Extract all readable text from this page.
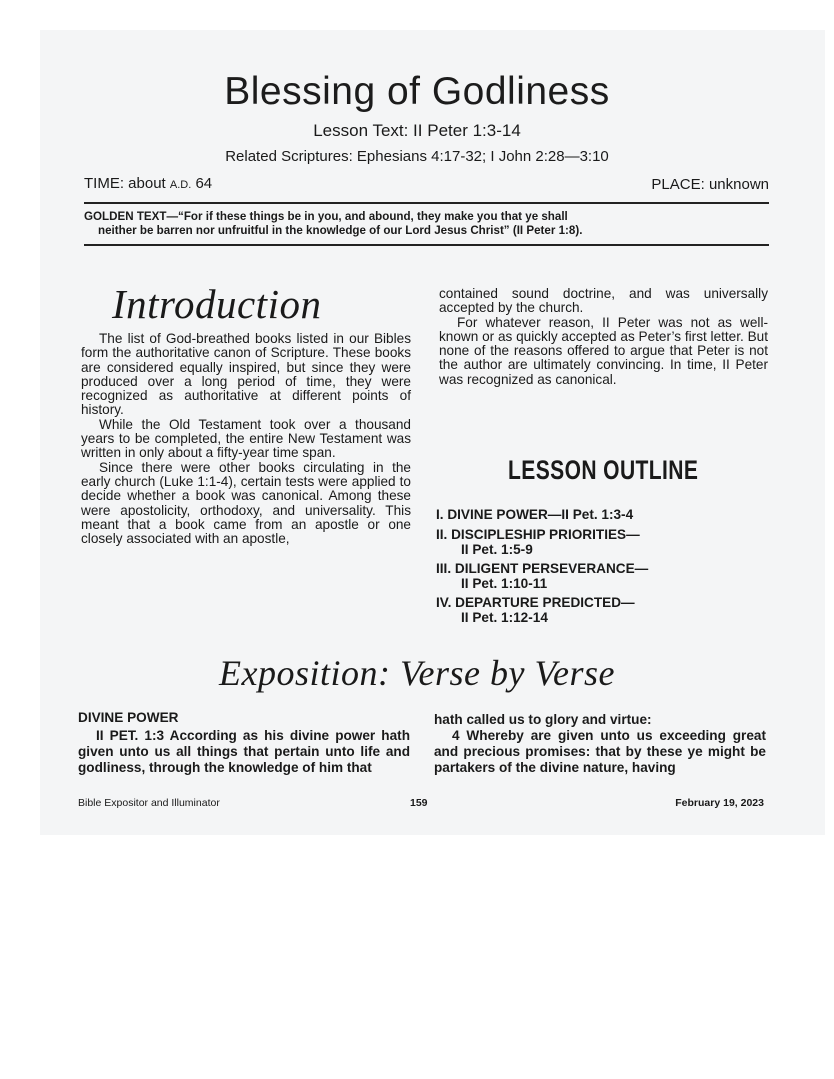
Blessing of Godliness
Lesson Text: II Peter 1:3-14
Related Scriptures: Ephesians 4:17-32; I John 2:28—3:10
TIME: about A.D. 64	PLACE: unknown
GOLDEN TEXT—“For if these things be in you, and abound, they make you that ye shall
neither be barren nor unfruitful in the knowledge of our Lord Jesus Christ” (II Peter 1:8).
Introduction

The list of God-breathed books listed in our Bibles form the authoritative canon of Scripture. These books are considered equally inspired, but since they were produced over a long period of time, they were recognized as authoritative at different points of history.

While the Old Testament took over a thousand years to be completed, the entire New Testament was written in only about a fifty-year time span.

Since there were other books circulating in the early church (Luke 1:1-4), certain tests were applied to decide whether a book was canonical. Among these were apostolicity, orthodoxy, and universality. This meant that a book came from an apostle or one closely associated with an apostle,

contained sound doctrine, and was universally accepted by the church.

For whatever reason, II Peter was not as well-known or as quickly accepted as Peter’s first letter. But none of the reasons offered to argue that Peter is not the author are ultimately convincing. In time, II Peter was recognized as canonical.

LESSON OUTLINE
I. DIVINE POWER—II Pet. 1:3-4
II. DISCIPLESHIP PRIORITIES—
II Pet. 1:5-9
III. DILIGENT PERSEVERANCE—
II Pet. 1:10-11
IV. DEPARTURE PREDICTED—
II Pet. 1:12-14
Exposition: Verse by Verse
DIVINE POWER
II PET. 1:3 According as his divine power hath given unto us all things that pertain unto life and godliness, through the knowledge of him that
hath called us to glory and virtue:
4 Whereby are given unto us exceeding great and precious promises: that by these ye might be partakers of the divine nature, having
Bible Expositor and Illuminator	159	February 19, 2023
